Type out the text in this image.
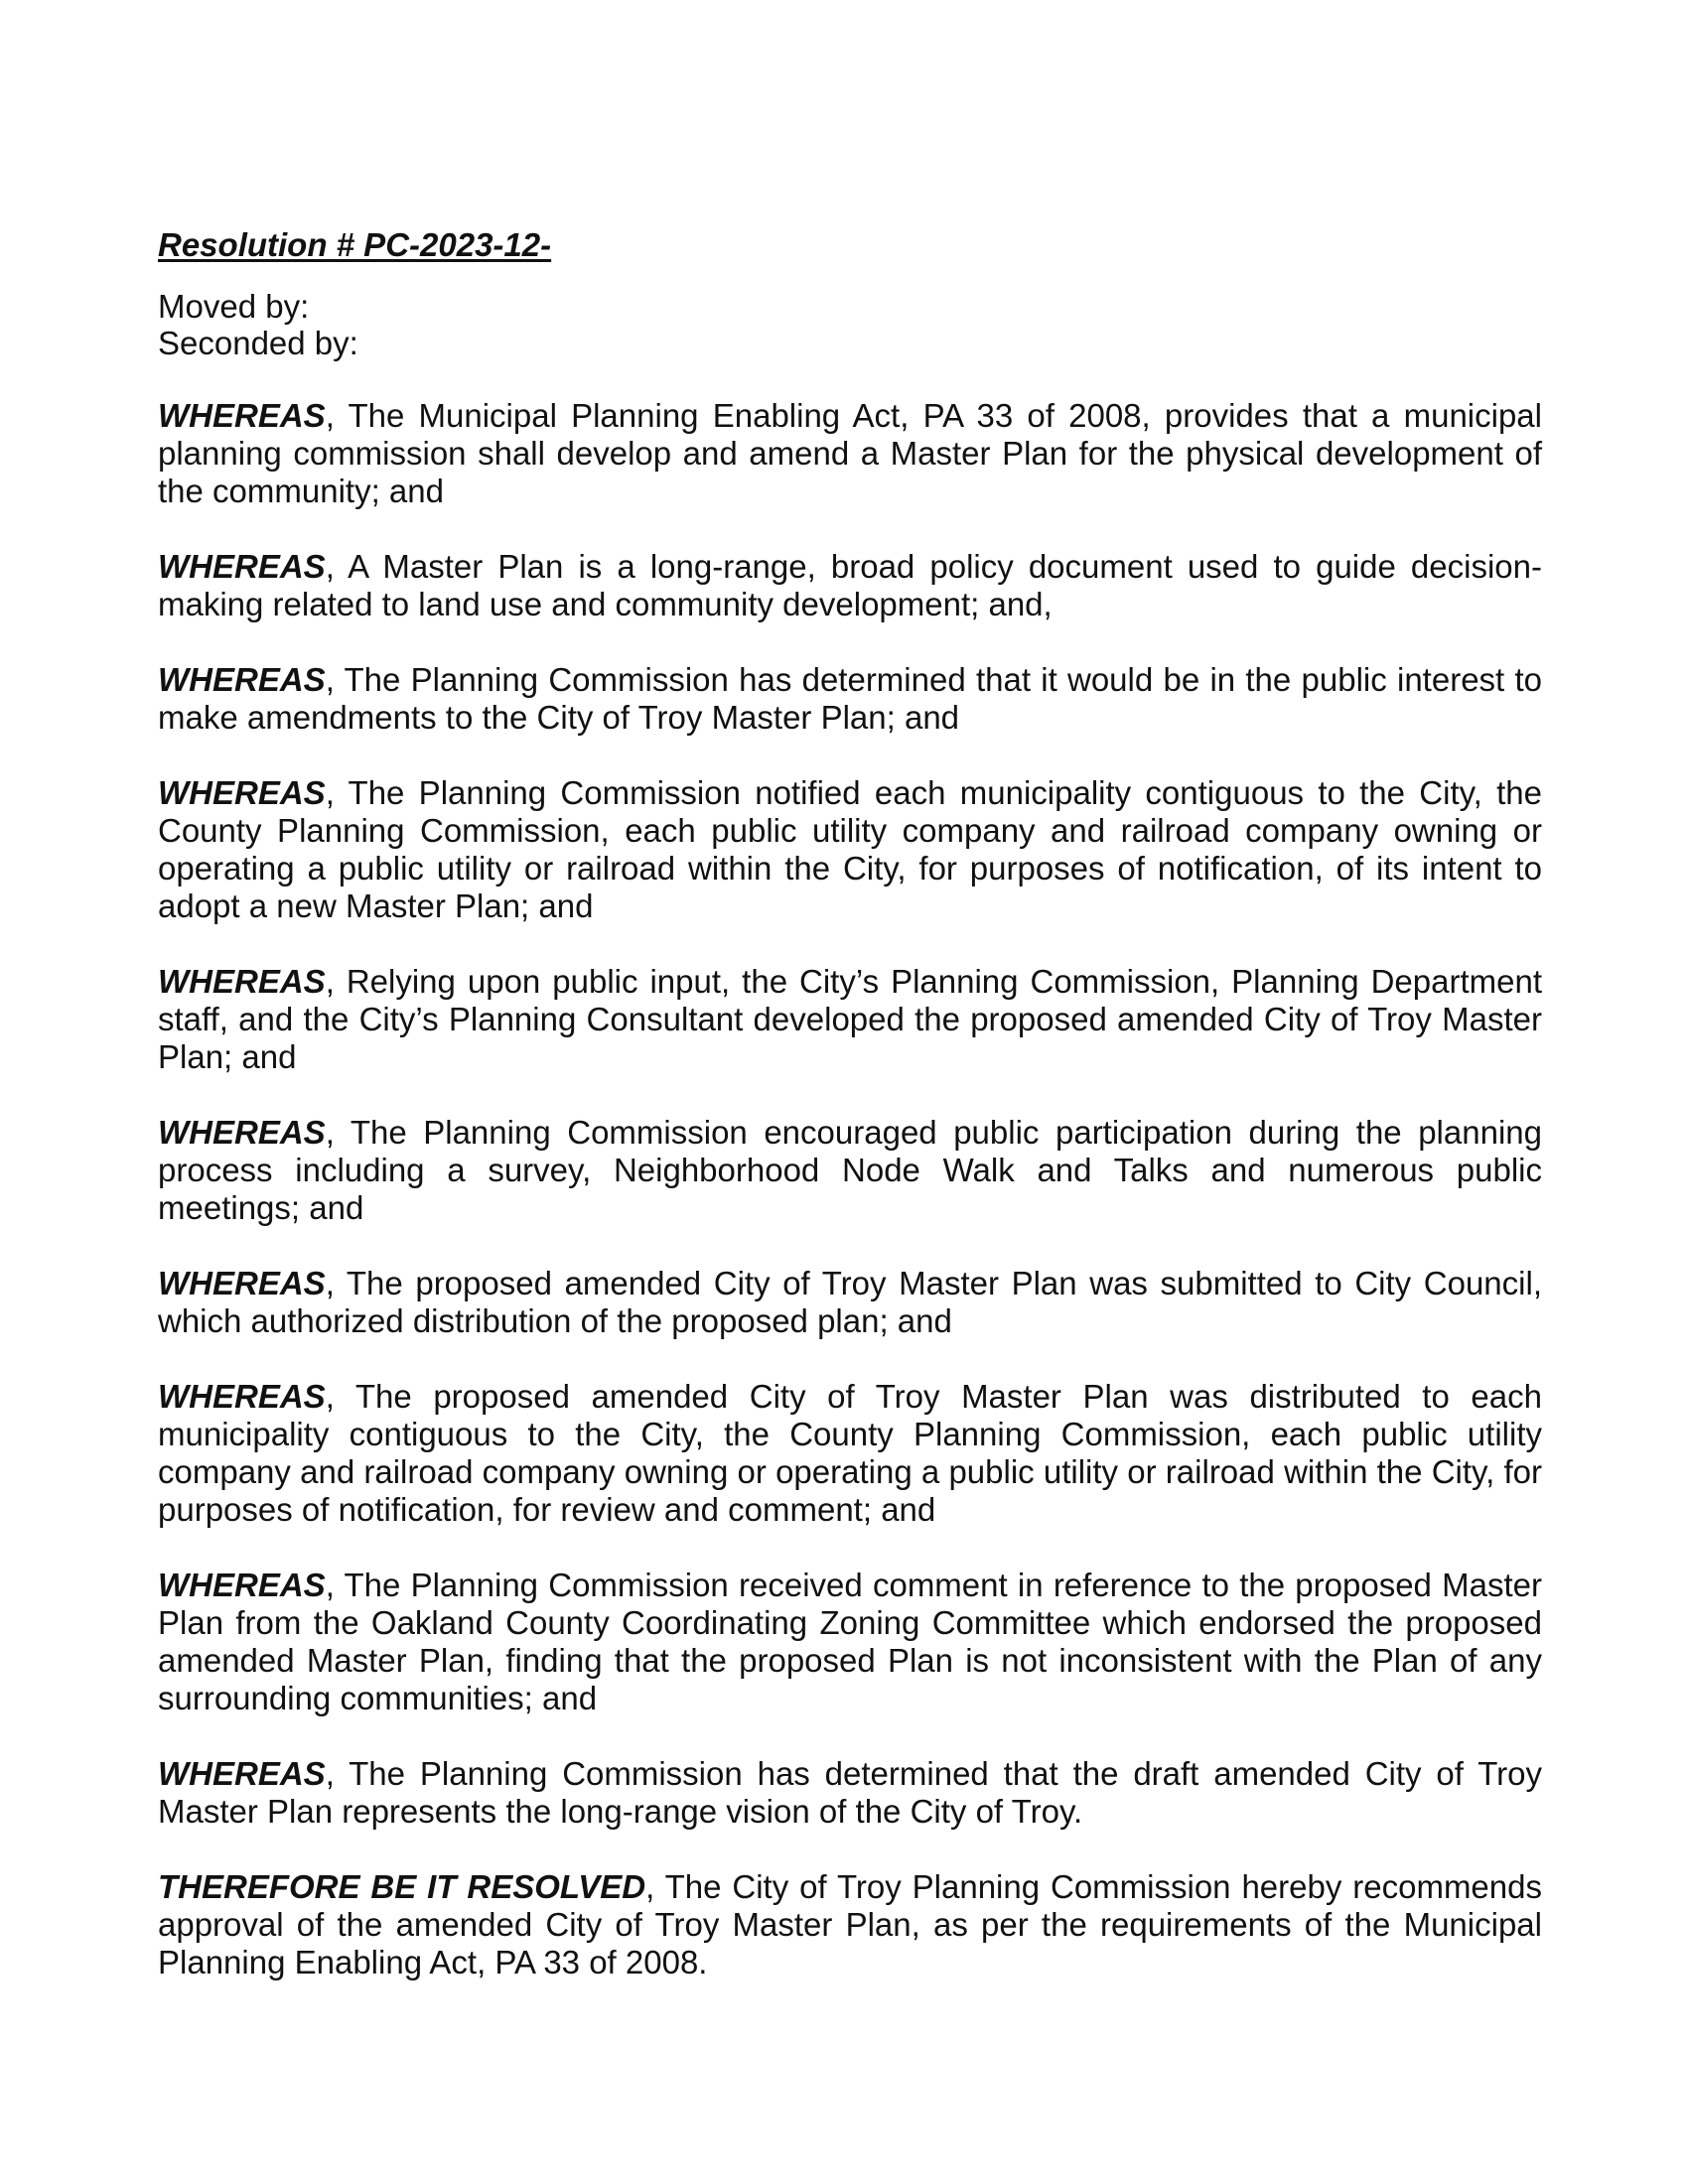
Resolution # PC-2023-12-

Moved by:

Seconded by:

WHEREAS, The Municipal Planning Enabling Act, PA 33 of 2008, provides that a municipal planning commission shall develop and amend a Master Plan for the physical development of the community; and

WHEREAS, A Master Plan is a long-range, broad policy document used to guide decision-making related to land use and community development; and,

WHEREAS, The Planning Commission has determined that it would be in the public interest to make amendments to the City of Troy Master Plan; and

WHEREAS, The Planning Commission notified each municipality contiguous to the City, the County Planning Commission, each public utility company and railroad company owning or operating a public utility or railroad within the City, for purposes of notification, of its intent to adopt a new Master Plan; and

WHEREAS, Relying upon public input, the City’s Planning Commission, Planning Department staff, and the City’s Planning Consultant developed the proposed amended City of Troy Master Plan; and

WHEREAS, The Planning Commission encouraged public participation during the planning process including a survey, Neighborhood Node Walk and Talks and numerous public meetings; and

WHEREAS, The proposed amended City of Troy Master Plan was submitted to City Council, which authorized distribution of the proposed plan; and

WHEREAS, The proposed amended City of Troy Master Plan was distributed to each municipality contiguous to the City, the County Planning Commission, each public utility company and railroad company owning or operating a public utility or railroad within the City, for purposes of notification, for review and comment; and

WHEREAS, The Planning Commission received comment in reference to the proposed Master Plan from the Oakland County Coordinating Zoning Committee which endorsed the proposed amended Master Plan, finding that the proposed Plan is not inconsistent with the Plan of any surrounding communities; and

WHEREAS, The Planning Commission has determined that the draft amended City of Troy Master Plan represents the long-range vision of the City of Troy.

THEREFORE BE IT RESOLVED, The City of Troy Planning Commission hereby recommends approval of the amended City of Troy Master Plan, as per the requirements of the Municipal Planning Enabling Act, PA 33 of 2008.
